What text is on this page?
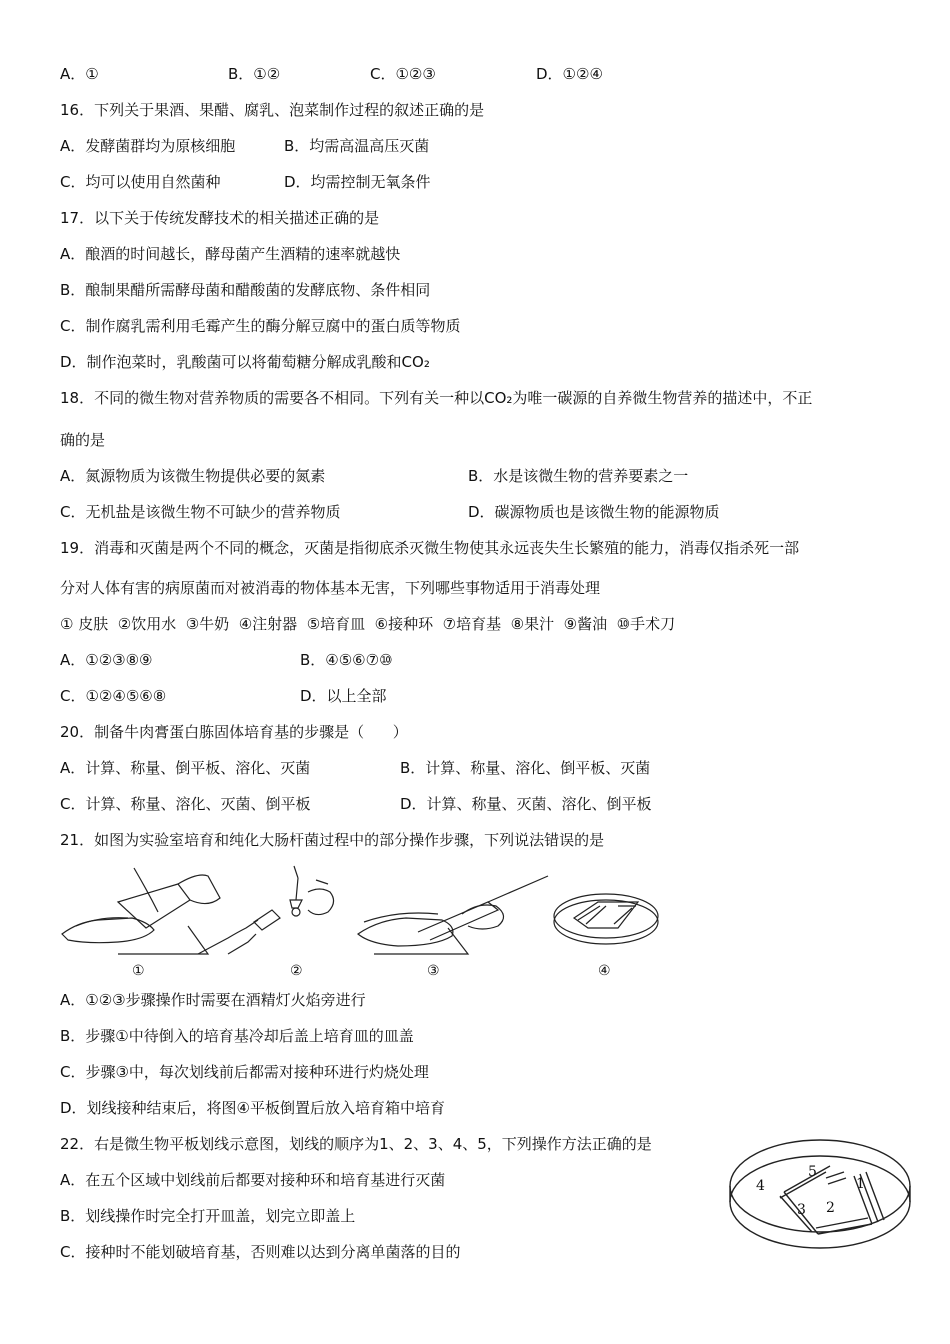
A．①	B．①②	C．①②③	D．①②④
16．下列关于果酒、果醋、腐乳、泡菜制作过程的叙述正确的是
A．发酵菌群均为原核细胞	B．均需高温高压灭菌
C．均可以使用自然菌种	D．均需控制无氧条件
17．以下关于传统发酵技术的相关描述正确的是
A．酿酒的时间越长，酵母菌产生酒精的速率就越快
B．酿制果醋所需酵母菌和醋酸菌的发酵底物、条件相同
C．制作腐乳需利用毛霉产生的酶分解豆腐中的蛋白质等物质
D．制作泡菜时，乳酸菌可以将葡萄糖分解成乳酸和CO₂
18．不同的微生物对营养物质的需要各不相同。下列有关一种以CO₂为唯一碳源的自养微生物营养的描述中，不正
确的是
A．氮源物质为该微生物提供必要的氮素	B．水是该微生物的营养要素之一
C．无机盐是该微生物不可缺少的营养物质	D．碳源物质也是该微生物的能源物质
19．消毒和灭菌是两个不同的概念，灭菌是指彻底杀灭微生物使其永远丧失生长繁殖的能力，消毒仅指杀死一部
分对人体有害的病原菌而对被消毒的物体基本无害，下列哪些事物适用于消毒处理
① 皮肤  ②饮用水  ③牛奶  ④注射器  ⑤培育皿  ⑥接种环  ⑦培育基  ⑧果汁  ⑨酱油  ⑩手术刀
A．①②③⑧⑨	B．④⑤⑥⑦⑩
C．①②④⑤⑥⑧	D．以上全部
20．制备牛肉膏蛋白胨固体培育基的步骤是（      ）
A．计算、称量、倒平板、溶化、灭菌	B．计算、称量、溶化、倒平板、灭菌
C．计算、称量、溶化、灭菌、倒平板	D．计算、称量、灭菌、溶化、倒平板
21．如图为实验室培育和纯化大肠杆菌过程中的部分操作步骤，下列说法错误的是
①	②	③	④
A．①②③步骤操作时需要在酒精灯火焰旁进行
B．步骤①中待倒入的培育基冷却后盖上培育皿的皿盖
C．步骤③中，每次划线前后都需对接种环进行灼烧处理
D．划线接种结束后，将图④平板倒置后放入培育箱中培育
22．右是微生物平板划线示意图，划线的顺序为1、2、3、4、5，下列操作方法正确的是
A．在五个区域中划线前后都要对接种环和培育基进行灭菌
B．划线操作时完全打开皿盖，划完立即盖上
C．接种时不能划破培育基，否则难以达到分离单菌落的目的
1
2
3
4
5
